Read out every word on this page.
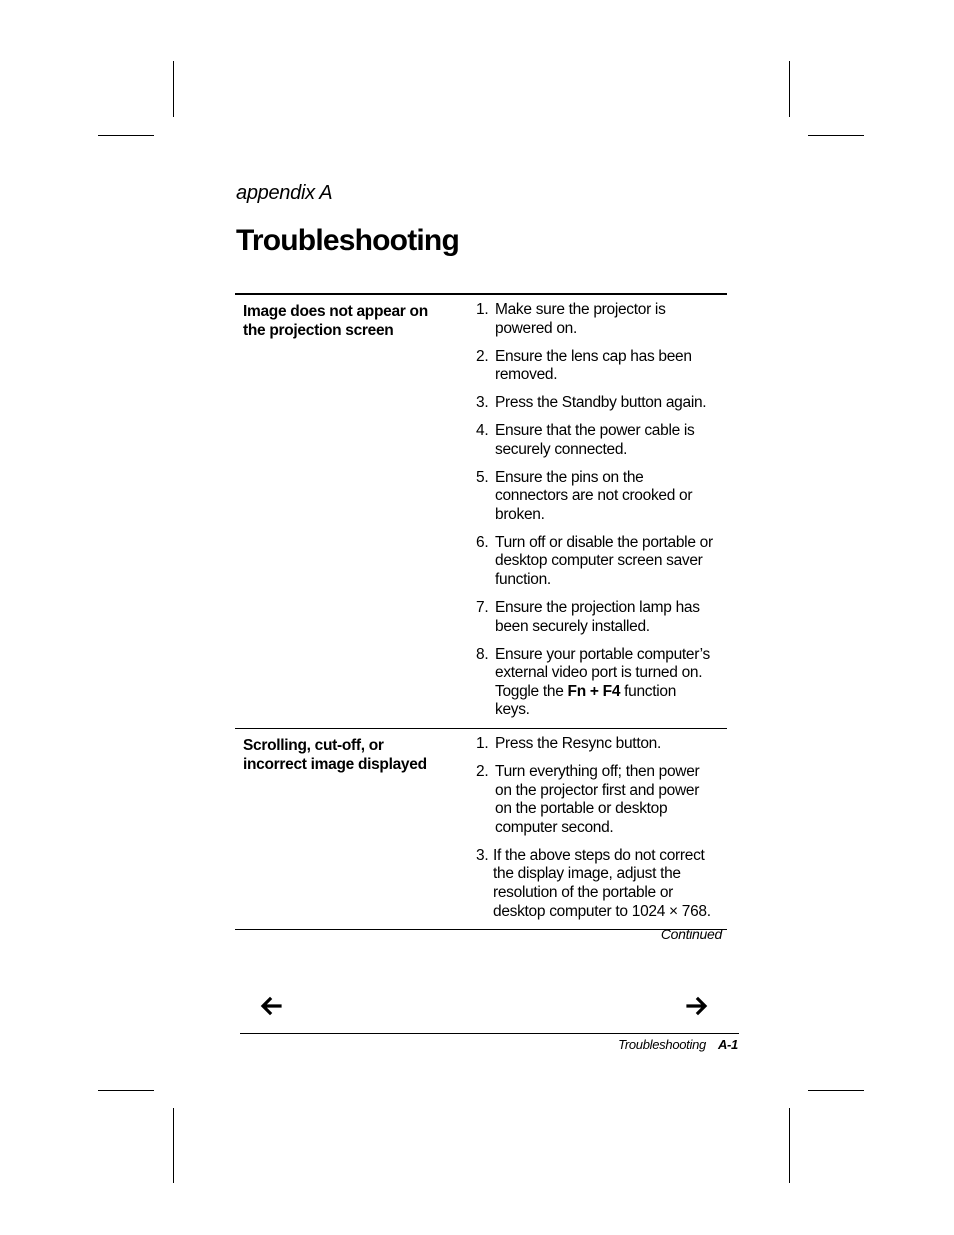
appendix A
Troubleshooting
Image does not appear on
the projection screen
1. Make sure the projector is
powered on.
2. Ensure the lens cap has been
removed.
3. Press the Standby button again.
4. Ensure that the power cable is
securely connected.
5. Ensure the pins on the
connectors are not crooked or
broken.
6. Turn off or disable the portable or
desktop computer screen saver
function.
7. Ensure the projection lamp has
been securely installed.
8. Ensure your portable computer’s
external video port is turned on.
Toggle the Fn + F4 function
keys.
Scrolling, cut-off, or
incorrect image displayed
1. Press the Resync button.
2. Turn everything off; then power
on the projector first and power
on the portable or desktop
computer second.
3. If the above steps do not correct
the display image, adjust the
resolution of the portable or
desktop computer to 1024 × 768.
Continued
Troubleshooting A-1
